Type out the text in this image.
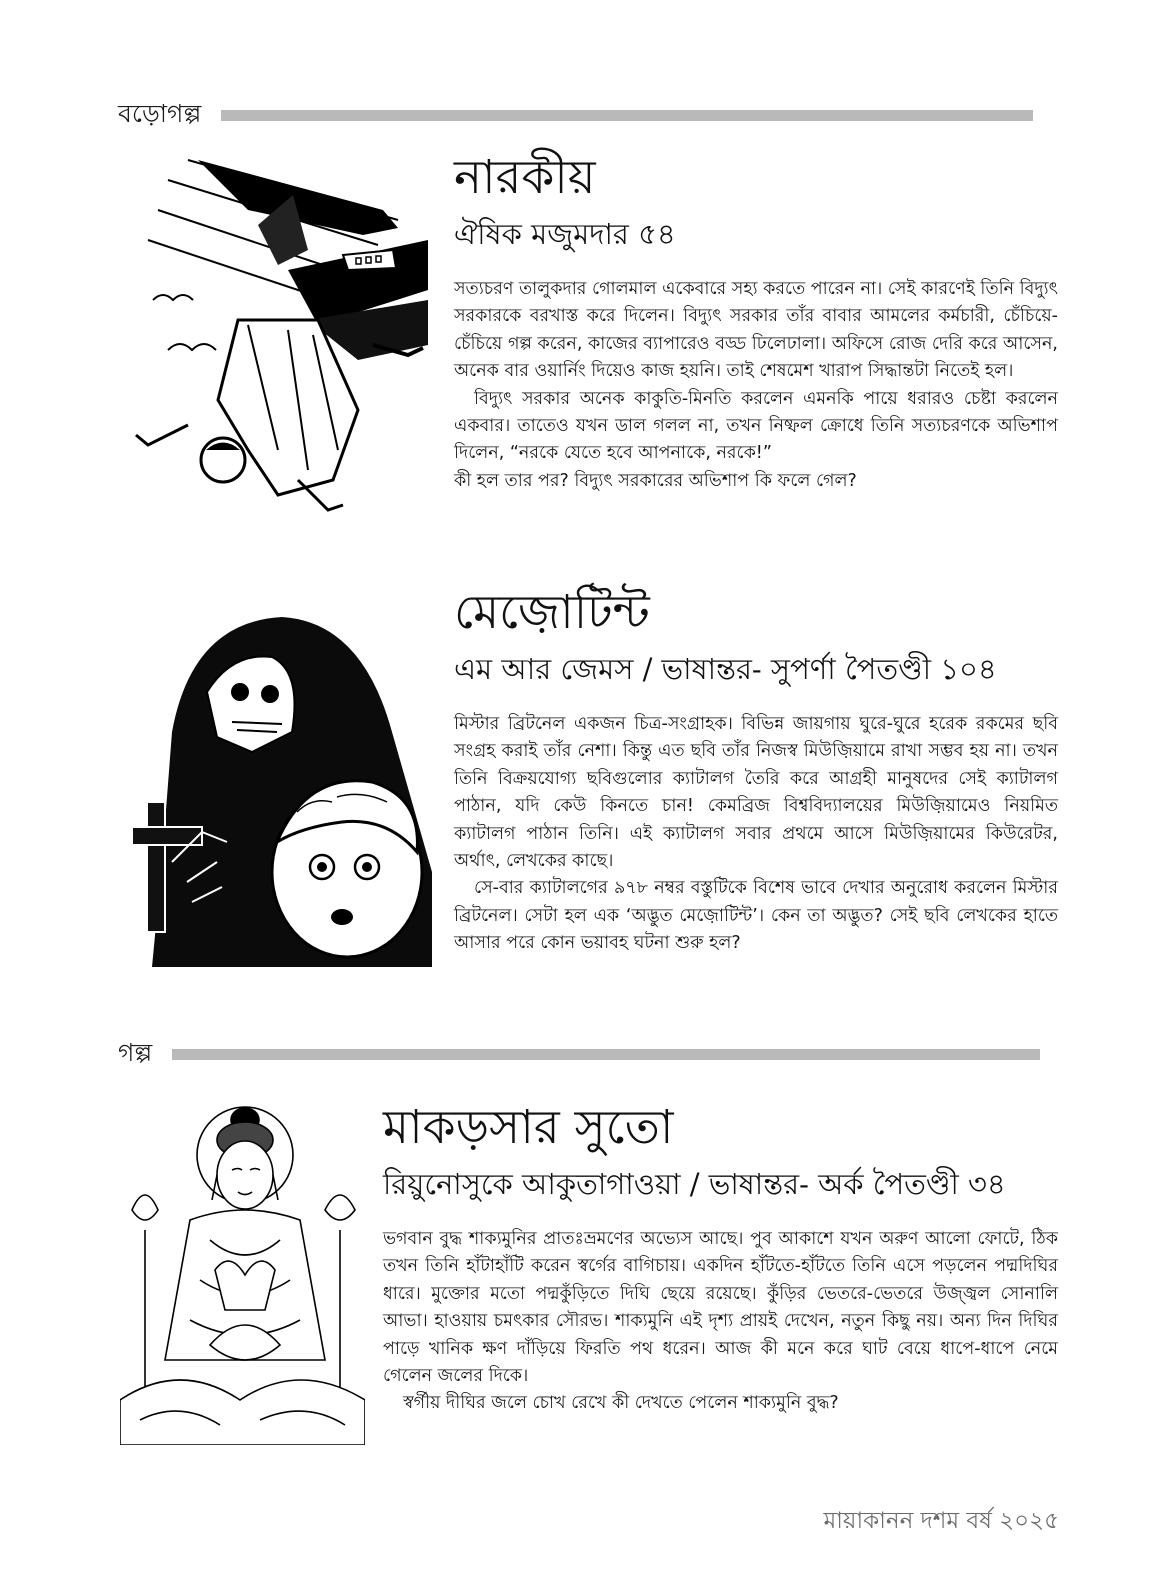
বড়োগল্প
নারকীয়
ঐষিক মজুমদার ৫৪

সত্যচরণ তালুকদার গোলমাল একেবারে সহ্য করতে পারেন না। সেই কারণেই তিনি বিদ্যুৎ সরকারকে বরখাস্ত করে দিলেন। বিদ্যুৎ সরকার তাঁর বাবার আমলের কর্মচারী, চেঁচিয়ে-চেঁচিয়ে গল্প করেন, কাজের ব্যাপারেও বড্ড ঢিলেঢালা। অফিসে রোজ দেরি করে আসেন, অনেক বার ওয়ার্নিং দিয়েও কাজ হয়নি। তাই শেষমেশ খারাপ সিদ্ধান্তটা নিতেই হল।

বিদ্যুৎ সরকার অনেক কাকুতি-মিনতি করলেন এমনকি পায়ে ধরারও চেষ্টা করলেন একবার। তাতেও যখন ডাল গলল না, তখন নিষ্ফল ক্রোধে তিনি সত্যচরণকে অভিশাপ দিলেন, “নরকে যেতে হবে আপনাকে, নরকে!”

কী হল তার পর? বিদ্যুৎ সরকারের অভিশাপ কি ফলে গেল?

মেজ়োটিন্ট
এম আর জেমস / ভাষান্তর- সুপর্ণা পৈতণ্ডী ১০৪

মিস্টার ব্রিটনেল একজন চিত্র-সংগ্রাহক। বিভিন্ন জায়গায় ঘুরে-ঘুরে হরেক রকমের ছবি সংগ্রহ করাই তাঁর নেশা। কিন্তু এত ছবি তাঁর নিজস্ব মিউজ়িয়ামে রাখা সম্ভব হয় না। তখন তিনি বিক্রয়যোগ্য ছবিগুলোর ক্যাটালগ তৈরি করে আগ্রহী মানুষদের সেই ক্যাটালগ পাঠান, যদি কেউ কিনতে চান! কেমব্রিজ বিশ্ববিদ্যালয়ের মিউজ়িয়ামেও নিয়মিত ক্যাটালগ পাঠান তিনি। এই ক্যাটালগ সবার প্রথমে আসে মিউজ়িয়ামের কিউরেটর, অর্থাৎ, লেখকের কাছে।

সে-বার ক্যাটালগের ৯৭৮ নম্বর বস্তুটিকে বিশেষ ভাবে দেখার অনুরোধ করলেন মিস্টার ব্রিটনেল। সেটা হল এক ‘অদ্ভুত মেজ়োটিন্ট’। কেন তা অদ্ভুত? সেই ছবি লেখকের হাতে আসার পরে কোন ভয়াবহ ঘটনা শুরু হল?

গল্প
মাকড়সার সুতো
রিয়ুনোসুকে আকুতাগাওয়া / ভাষান্তর- অর্ক পৈতণ্ডী ৩৪

ভগবান বুদ্ধ শাক্যমুনির প্রাতঃভ্রমণের অভ্যেস আছে। পুব আকাশে যখন অরুণ আলো ফোটে, ঠিক তখন তিনি হাঁটাহাঁটি করেন স্বর্গের বাগিচায়। একদিন হাঁটতে-হাঁটতে তিনি এসে পড়লেন পদ্মদিঘির ধারে। মুক্তোর মতো পদ্মকুঁড়িতে দিঘি ছেয়ে রয়েছে। কুঁড়ির ভেতরে-ভেতরে উজ্জ্বল সোনালি আভা। হাওয়ায় চমৎকার সৌরভ। শাক্যমুনি এই দৃশ্য প্রায়ই দেখেন, নতুন কিছু নয়। অন্য দিন দিঘির পাড়ে খানিক ক্ষণ দাঁড়িয়ে ফিরতি পথ ধরেন। আজ কী মনে করে ঘাট বেয়ে ধাপে-ধাপে নেমে গেলেন জলের দিকে।

স্বর্গীয় দীঘির জলে চোখ রেখে কী দেখতে পেলেন শাক্যমুনি বুদ্ধ?

মায়াকানন দশম বর্ষ ২০২৫
